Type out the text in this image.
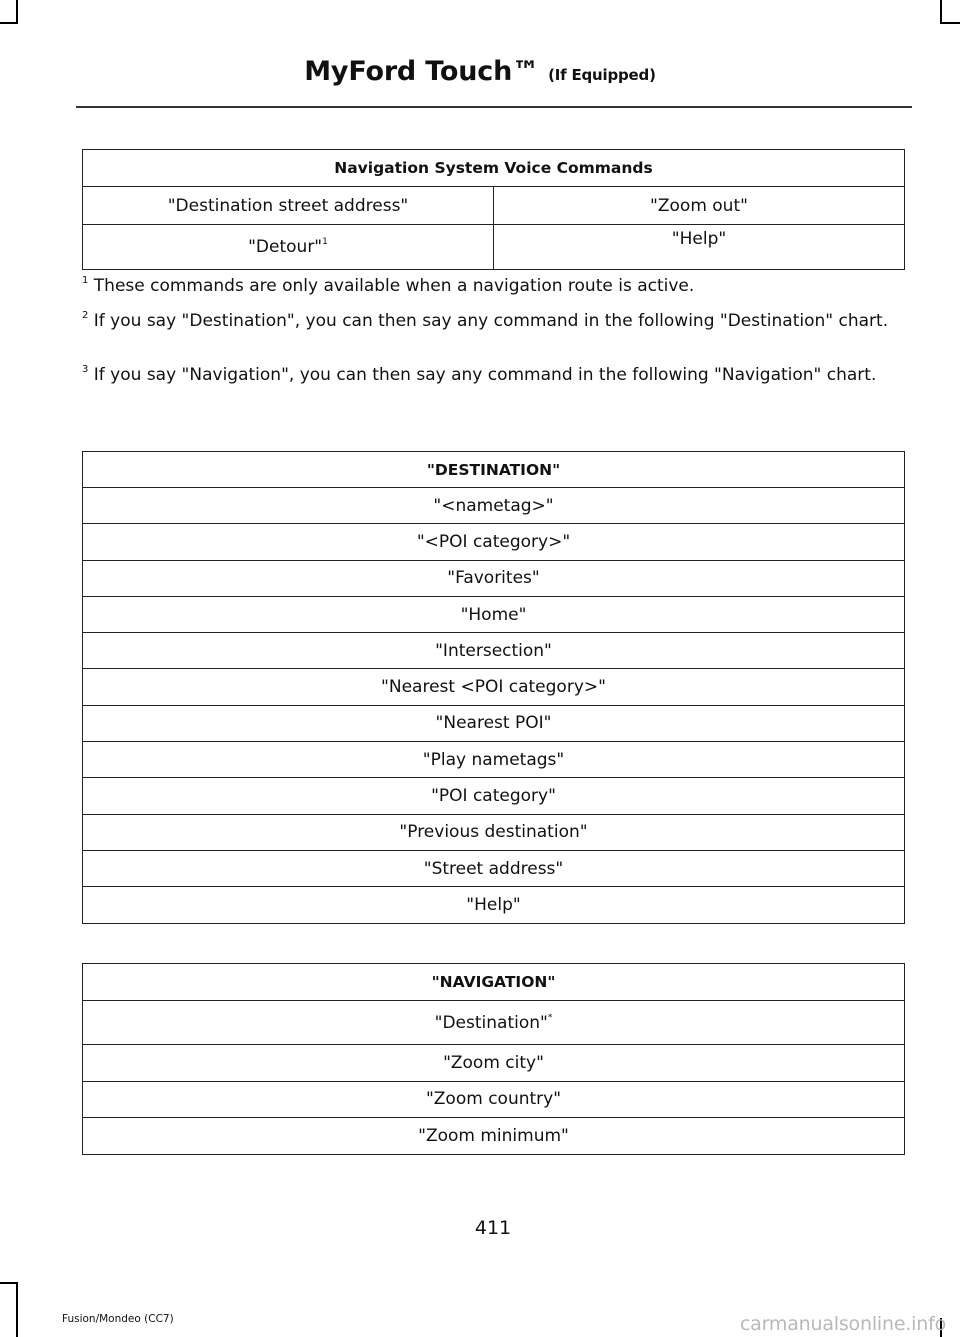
MyFord Touch™ (If Equipped)
Navigation System Voice Commands	
"Destination street address"	"Zoom out"
"Detour"$^1$	"Help"
$^1$ These commands are only available when a navigation route is active.
$^2$ If you say "Destination", you can then say any command in the following "Destination" chart.
$^3$ If you say "Navigation", you can then say any command in the following "Navigation" chart.
"DESTINATION"
"<nametag>"
"<POI category>"
"Favorites"
"Home"
"Intersection"
"Nearest <POI category>"
"Nearest POI"
"Play nametags"
"POI category"
"Previous destination"
"Street address"
"Help"
"NAVIGATION"
"Destination"*
"Zoom city"
"Zoom country"
"Zoom minimum"
411
Fusion/Mondeo (CC7)	carmanualsonline.info
